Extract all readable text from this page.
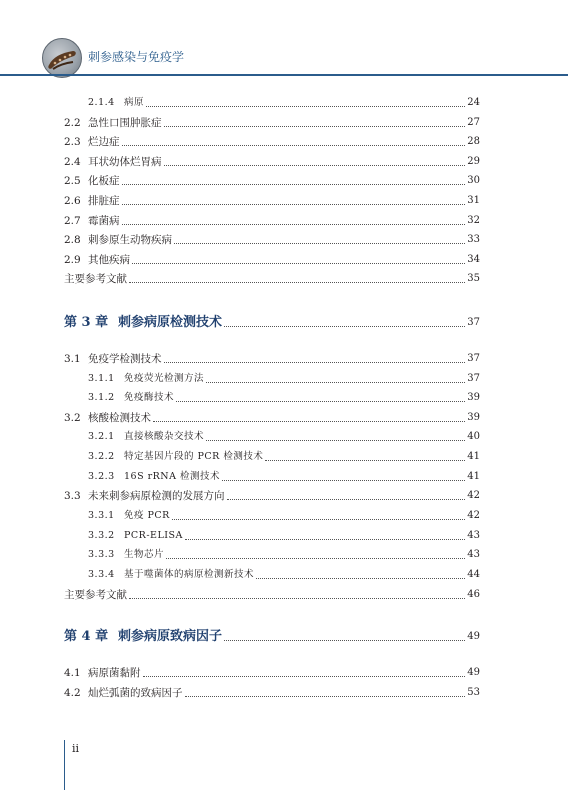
刺参感染与免疫学
2.1.4 病原	24
2.2 急性口围肿胀症	27
2.3 烂边症	28
2.4 耳状幼体烂胃病	29
2.5 化板症	30
2.6 排脏症	31
2.7 霉菌病	32
2.8 刺参原生动物疾病	33
2.9 其他疾病	34
主要参考文献	35
第 3 章 刺参病原检测技术	37
3.1 免疫学检测技术	37
3.1.1 免疫荧光检测方法	37
3.1.2 免疫酶技术	39
3.2 核酸检测技术	39
3.2.1 直接核酸杂交技术	40
3.2.2 特定基因片段的 PCR 检测技术	41
3.2.3 16S rRNA 检测技术	41
3.3 未来刺参病原检测的发展方向	42
3.3.1 免疫 PCR	42
3.3.2 PCR-ELISA	43
3.3.3 生物芯片	43
3.3.4 基于噬菌体的病原检测新技术	44
主要参考文献	46
第 4 章 刺参病原致病因子	49
4.1 病原菌黏附	49
4.2 灿烂弧菌的致病因子	53
ii
